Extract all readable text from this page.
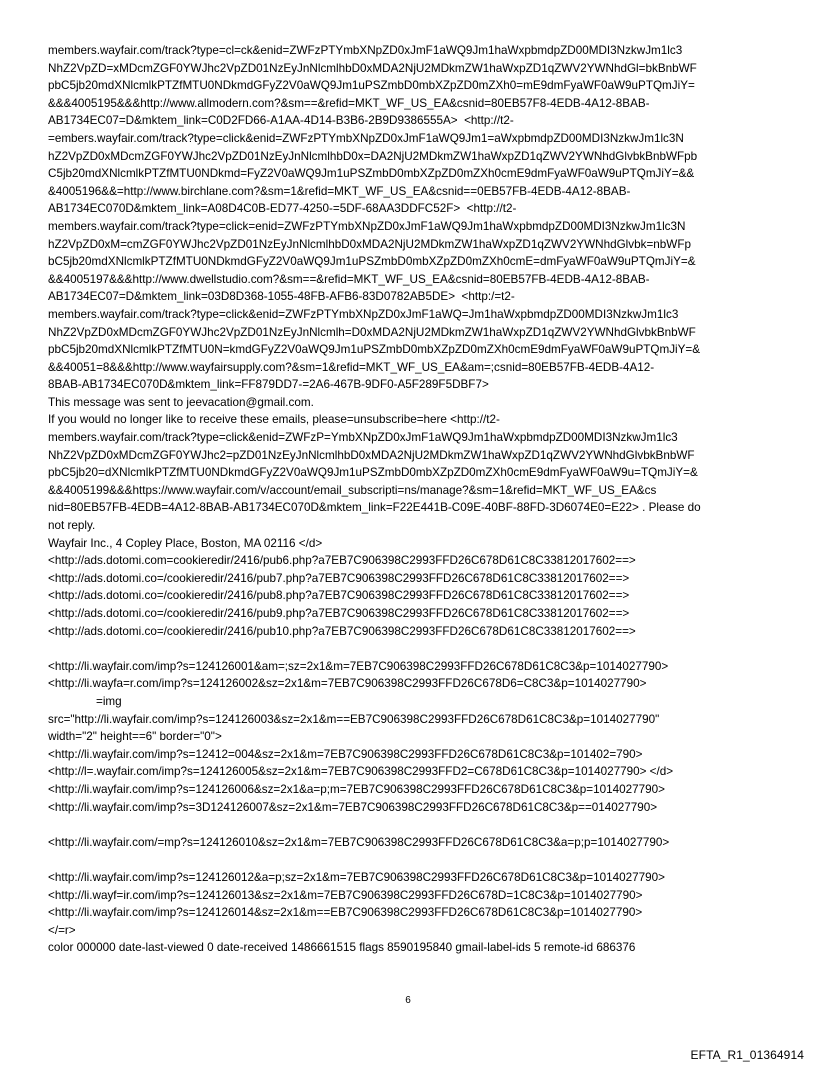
members.wayfair.com/track?type=cl=ck&enid=ZWFzPTYmbXNpZD0xJmF1aWQ9Jm1haWxpbmdpZD00MDI3NzkwJm1lc3
NhZ2VpZD=xMDcmZGF0YWJhc2VpZD01NzEyJnNlcmlhbD0xMDA2NjU2MDkmZW1haWxpZD1qZWV2YWNhdGl=bkBnbWF
pbC5jb20mdXNlcmlkPTZfMTU0NDkmdGFyZ2V0aWQ9Jm1uPSZmbD0mbXZpZD0mZXh0=mE9dmFyaWF0aW9uPTQmJiY=
&&&4005195&&&http://www.allmodern.com?&sm==&refid=MKT_WF_US_EA&csnid=80EB57F8-4EDB-4A12-8BAB-
AB1734EC07=D&mktem_link=C0D2FD66-A1AA-4D14-B3B6-2B9D9386555A>  <http://t2-
=embers.wayfair.com/track?type=click&enid=ZWFzPTYmbXNpZD0xJmF1aWQ9Jm1=aWxpbmdpZD00MDI3NzkwJm1lc3N
hZ2VpZD0xMDcmZGF0YWJhc2VpZD01NzEyJnNlcmlhbD0x=DA2NjU2MDkmZW1haWxpZD1qZWV2YWNhdGlvbkBnbWFpb
C5jb20mdXNlcmlkPTZfMTU0NDkmd=FyZ2V0aWQ9Jm1uPSZmbD0mbXZpZD0mZXh0cmE9dmFyaWF0aW9uPTQmJiY=&&
&4005196&&=http://www.birchlane.com?&sm=1&refid=MKT_WF_US_EA&csnid==0EB57FB-4EDB-4A12-8BAB-
AB1734EC070D&mktem_link=A08D4C0B-ED77-4250-=5DF-68AA3DDFC52F>  <http://t2-
members.wayfair.com/track?type=click=enid=ZWFzPTYmbXNpZD0xJmF1aWQ9Jm1haWxpbmdpZD00MDI3NzkwJm1lc3N
hZ2VpZD0xM=cmZGF0YWJhc2VpZD01NzEyJnNlcmlhbD0xMDA2NjU2MDkmZW1haWxpZD1qZWV2YWNhdGlvbk=nbWFp
bC5jb20mdXNlcmlkPTZfMTU0NDkmdGFyZ2V0aWQ9Jm1uPSZmbD0mbXZpZD0mZXh0cmE=dmFyaWF0aW9uPTQmJiY=&
&&4005197&&&http://www.dwellstudio.com?&sm==&refid=MKT_WF_US_EA&csnid=80EB57FB-4EDB-4A12-8BAB-
AB1734EC07=D&mktem_link=03D8D368-1055-48FB-AFB6-83D0782AB5DE>  <http:/=t2-
members.wayfair.com/track?type=click&enid=ZWFzPTYmbXNpZD0xJmF1aWQ=Jm1haWxpbmdpZD00MDI3NzkwJm1lc3
NhZ2VpZD0xMDcmZGF0YWJhc2VpZD01NzEyJnNlcmlh=D0xMDA2NjU2MDkmZW1haWxpZD1qZWV2YWNhdGlvbkBnbWF
pbC5jb20mdXNlcmlkPTZfMTU0N=kmdGFyZ2V0aWQ9Jm1uPSZmbD0mbXZpZD0mZXh0cmE9dmFyaWF0aW9uPTQmJiY=&
&&40051=8&&&http://www.wayfairsupply.com?&sm=1&refid=MKT_WF_US_EA&am=;csnid=80EB57FB-4EDB-4A12-
8BAB-AB1734EC070D&mktem_link=FF879DD7-=2A6-467B-9DF0-A5F289F5DBF7>
This message was sent to jeevacation@gmail.com.
If you would no longer like to receive these emails, please=unsubscribe=here <http://t2-
members.wayfair.com/track?type=click&enid=ZWFzP=YmbXNpZD0xJmF1aWQ9Jm1haWxpbmdpZD00MDI3NzkwJm1lc3
NhZ2VpZD0xMDcmZGF0YWJhc2=pZD01NzEyJnNlcmlhbD0xMDA2NjU2MDkmZW1haWxpZD1qZWV2YWNhdGlvbkBnbWF
pbC5jb20=dXNlcmlkPTZfMTU0NDkmdGFyZ2V0aWQ9Jm1uPSZmbD0mbXZpZD0mZXh0cmE9dmFyaWF0aW9u=TQmJiY=&
&&4005199&&&https://www.wayfair.com/v/account/email_subscripti=ns/manage?&sm=1&refid=MKT_WF_US_EA&cs
nid=80EB57FB-4EDB=4A12-8BAB-AB1734EC070D&mktem_link=F22E441B-C09E-40BF-88FD-3D6074E0=E22> . Please do
not reply.
Wayfair Inc., 4 Copley Place, Boston, MA 02116 </d>
<http://ads.dotomi.com=cookieredir/2416/pub6.php?a7EB7C906398C2993FFD26C678D61C8C33812017602==>
<http://ads.dotomi.co=/cookieredir/2416/pub7.php?a7EB7C906398C2993FFD26C678D61C8C33812017602==>
<http://ads.dotomi.co=/cookieredir/2416/pub8.php?a7EB7C906398C2993FFD26C678D61C8C33812017602==>
<http://ads.dotomi.co=/cookieredir/2416/pub9.php?a7EB7C906398C2993FFD26C678D61C8C33812017602==>
<http://ads.dotomi.co=/cookieredir/2416/pub10.php?a7EB7C906398C2993FFD26C678D61C8C33812017602==>
<http://li.wayfair.com/imp?s=124126001&am=;sz=2x1&m=7EB7C906398C2993FFD26C678D61C8C3&p=1014027790>
<http://li.wayfa=r.com/imp?s=124126002&sz=2x1&m=7EB7C906398C2993FFD26C678D6=C8C3&p=1014027790>
=img
src="http://li.wayfair.com/imp?s=124126003&sz=2x1&m==EB7C906398C2993FFD26C678D61C8C3&p=1014027790"
width="2" height==6" border="0">
<http://li.wayfair.com/imp?s=12412=004&sz=2x1&m=7EB7C906398C2993FFD26C678D61C8C3&p=101402=790>
<http://l=.wayfair.com/imp?s=124126005&sz=2x1&m=7EB7C906398C2993FFD2=C678D61C8C3&p=1014027790> </d>
<http://li.wayfair.com/imp?s=124126006&sz=2x1&a=p;m=7EB7C906398C2993FFD26C678D61C8C3&p=1014027790>
<http://li.wayfair.com/imp?s=3D124126007&sz=2x1&m=7EB7C906398C2993FFD26C678D61C8C3&p==014027790>
<http://li.wayfair.com/=mp?s=124126010&sz=2x1&m=7EB7C906398C2993FFD26C678D61C8C3&a=p;p=1014027790>
<http://li.wayfair.com/imp?s=124126012&a=p;sz=2x1&m=7EB7C906398C2993FFD26C678D61C8C3&p=1014027790>
<http://li.wayf=ir.com/imp?s=124126013&sz=2x1&m=7EB7C906398C2993FFD26C678D=1C8C3&p=1014027790>
<http://li.wayfair.com/imp?s=124126014&sz=2x1&m==EB7C906398C2993FFD26C678D61C8C3&p=1014027790>
</=r>
color 000000 date-last-viewed 0 date-received 1486661515 flags 8590195840 gmail-label-ids 5 remote-id 686376
6
EFTA_R1_01364914
